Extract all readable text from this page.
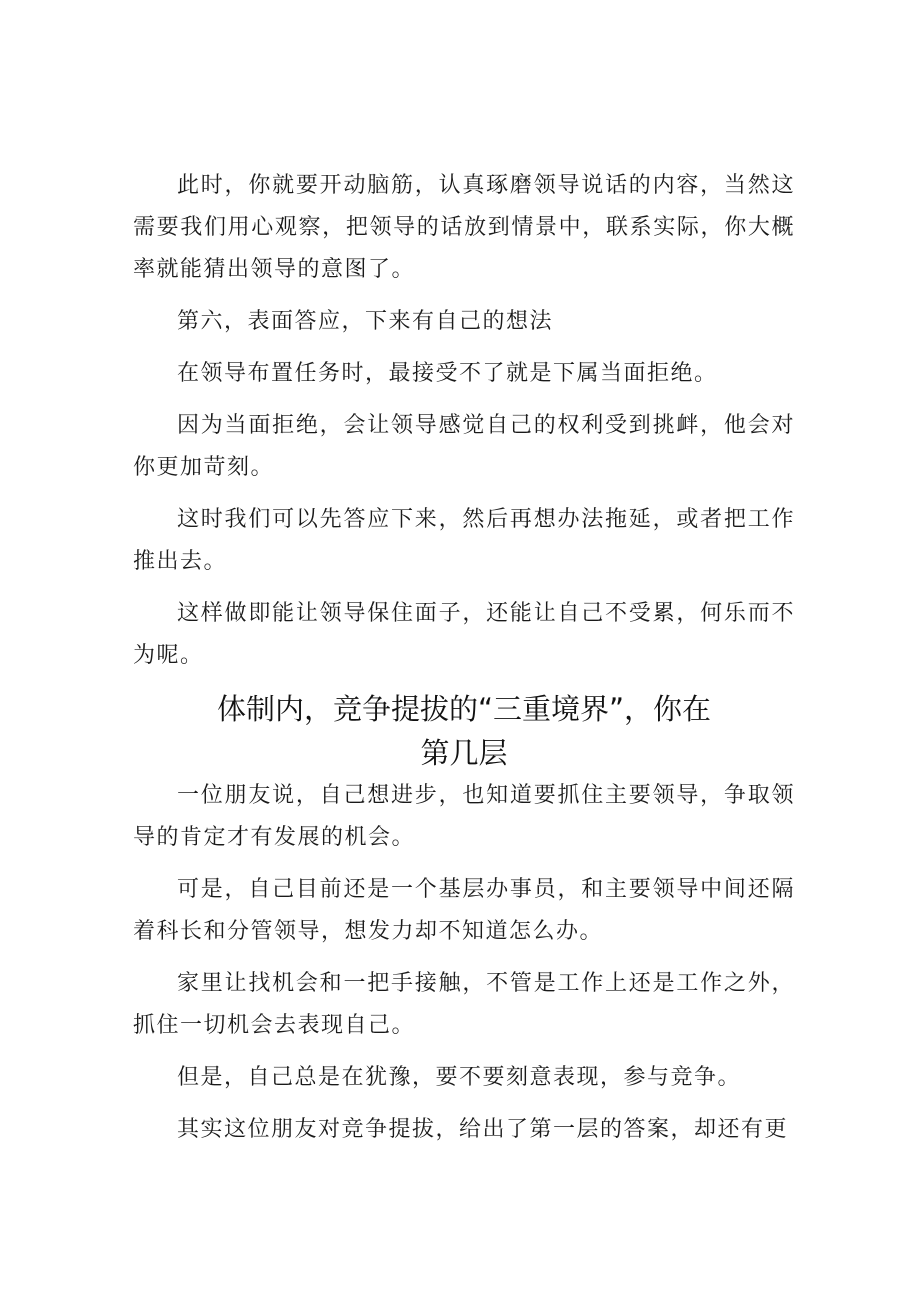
此时，你就要开动脑筋，认真琢磨领导说话的内容，当然这需要我们用心观察，把领导的话放到情景中，联系实际，你大概率就能猜出领导的意图了。

第六，表面答应，下来有自己的想法

在领导布置任务时，最接受不了就是下属当面拒绝。

因为当面拒绝，会让领导感觉自己的权利受到挑衅，他会对你更加苛刻。

这时我们可以先答应下来，然后再想办法拖延，或者把工作推出去。

这样做即能让领导保住面子，还能让自己不受累，何乐而不为呢。

体制内，竞争提拔的“三重境界”，你在
第几层

一位朋友说，自己想进步，也知道要抓住主要领导，争取领导的肯定才有发展的机会。

可是，自己目前还是一个基层办事员，和主要领导中间还隔着科长和分管领导，想发力却不知道怎么办。

家里让找机会和一把手接触，不管是工作上还是工作之外，抓住一切机会去表现自己。

但是，自己总是在犹豫，要不要刻意表现，参与竞争。

其实这位朋友对竞争提拔，给出了第一层的答案，却还有更
